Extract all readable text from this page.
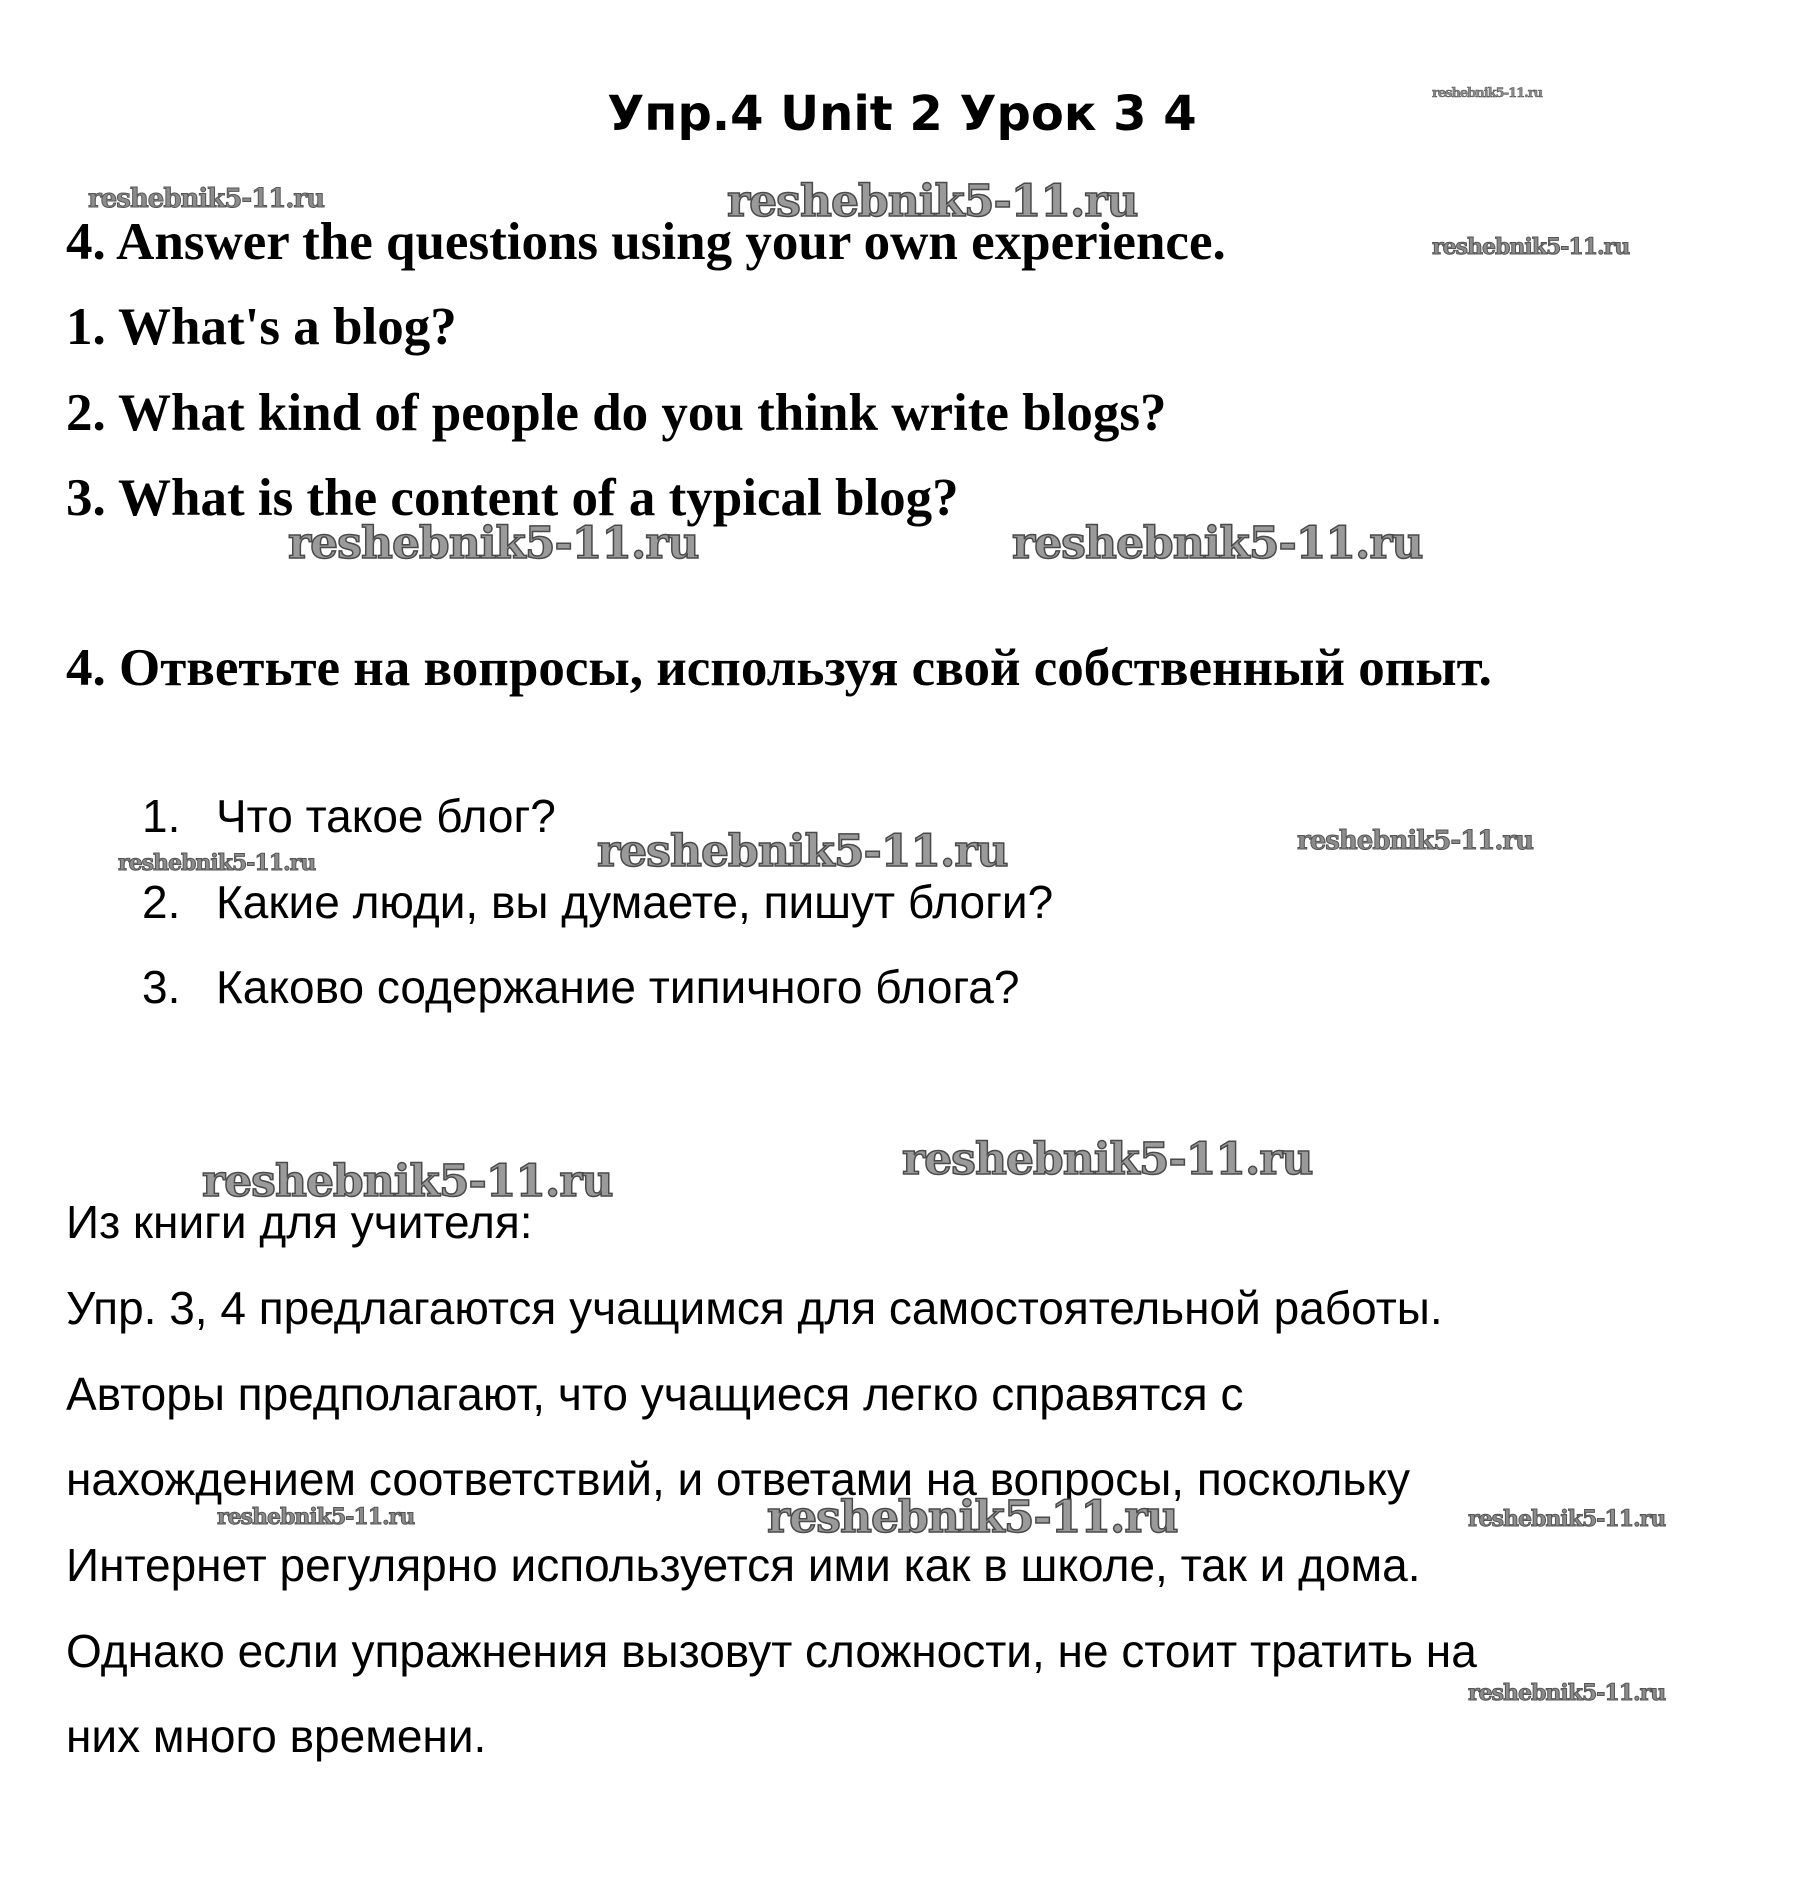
Упр.4 Unit 2 Урок 3 4
4. Answer the questions using your own experience.
1. What's a blog?
2. What kind of people do you think write blogs?
3. What is the content of a typical blog?
4. Ответьте на вопросы, используя свой собственный опыт.
1. Что такое блог?
2. Какие люди, вы думаете, пишут блоги?
3. Каково содержание типичного блога?
Из книги для учителя:
Упр. 3, 4 предлагаются учащимся для самостоятельной работы.
Авторы предполагают, что учащиеся легко справятся с
нахождением соответствий, и ответами на вопросы, поскольку
Интернет регулярно используется ими как в школе, так и дома.
Однако если упражнения вызовут сложности, не стоит тратить на
них много времени.
reshebnik5-11.ru
reshebnik5-11.ru	reshebnik5-11.ru
reshebnik5-11.ru
reshebnik5-11.ru	reshebnik5-11.ru
reshebnik5-11.ru	reshebnik5-11.ru	reshebnik5-11.ru
reshebnik5-11.ru
reshebnik5-11.ru
reshebnik5-11.ru	reshebnik5-11.ru	reshebnik5-11.ru
reshebnik5-11.ru
